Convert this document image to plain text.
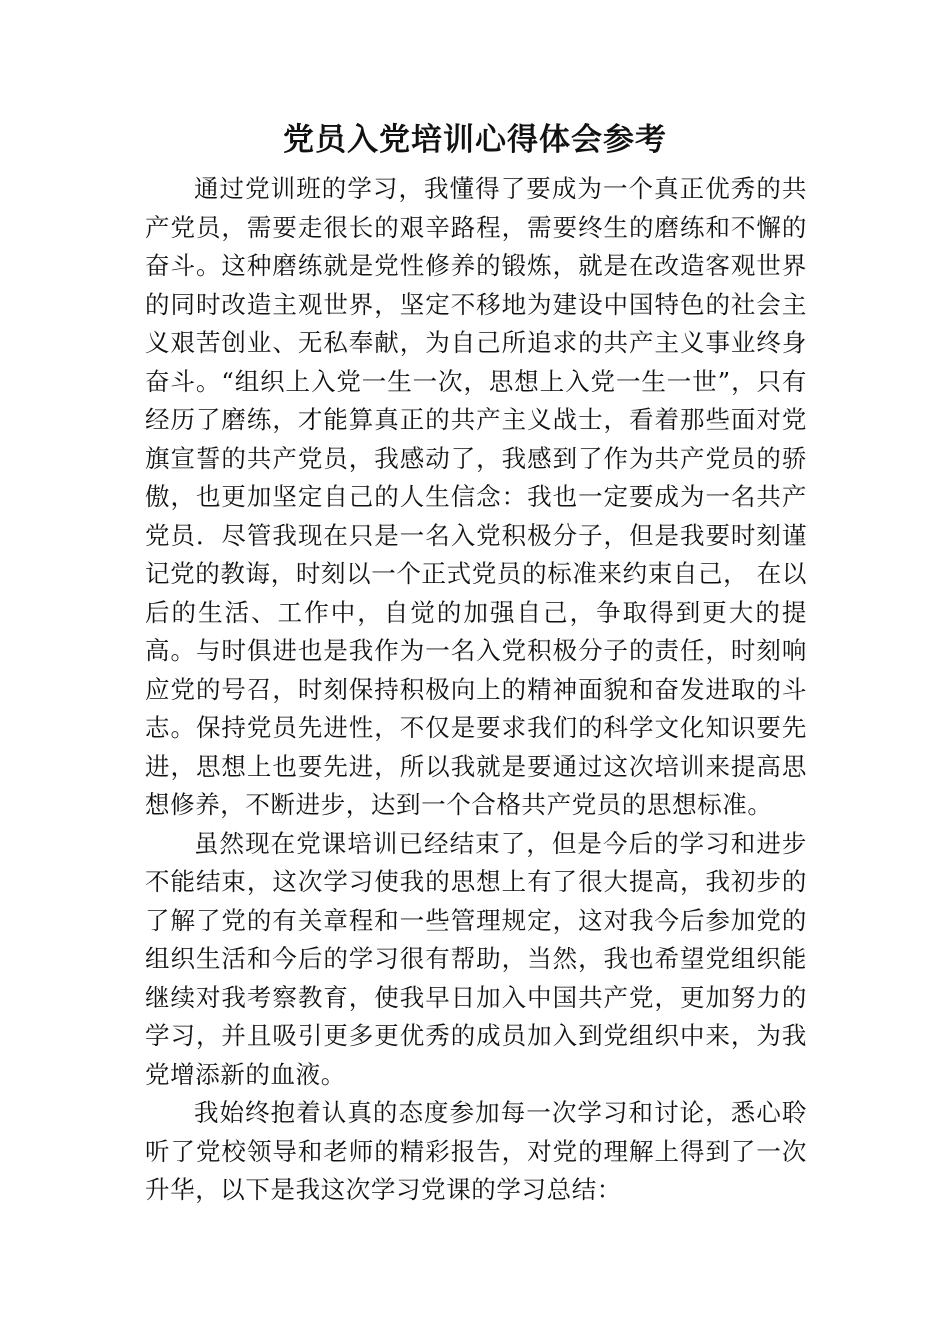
党员入党培训心得体会参考

通过党训班的学习，我懂得了要成为一个真正优秀的共产党员，需要走很长的艰辛路程，需要终生的磨练和不懈的奋斗。这种磨练就是党性修养的锻炼，就是在改造客观世界的同时改造主观世界，坚定不移地为建设中国特色的社会主义艰苦创业、无私奉献，为自己所追求的共产主义事业终身奋斗。“组织上入党一生一次，思想上入党一生一世”，只有经历了磨练，才能算真正的共产主义战士，看着那些面对党旗宣誓的共产党员，我感动了，我感到了作为共产党员的骄傲，也更加坚定自己的人生信念：我也一定要成为一名共产党员．尽管我现在只是一名入党积极分子，但是我要时刻谨记党的教诲，时刻以一个正式党员的标准来约束自己， 在以后的生活、工作中，自觉的加强自己，争取得到更大的提高。与时俱进也是我作为一名入党积极分子的责任，时刻响应党的号召，时刻保持积极向上的精神面貌和奋发进取的斗志。保持党员先进性，不仅是要求我们的科学文化知识要先进，思想上也要先进，所以我就是要通过这次培训来提高思想修养，不断进步，达到一个合格共产党员的思想标准。

虽然现在党课培训已经结束了，但是今后的学习和进步不能结束，这次学习使我的思想上有了很大提高，我初步的了解了党的有关章程和一些管理规定，这对我今后参加党的组织生活和今后的学习很有帮助，当然，我也希望党组织能继续对我考察教育，使我早日加入中国共产党，更加努力的学习，并且吸引更多更优秀的成员加入到党组织中来，为我党增添新的血液。

我始终抱着认真的态度参加每一次学习和讨论，悉心聆听了党校领导和老师的精彩报告，对党的理解上得到了一次升华，以下是我这次学习党课的学习总结：
